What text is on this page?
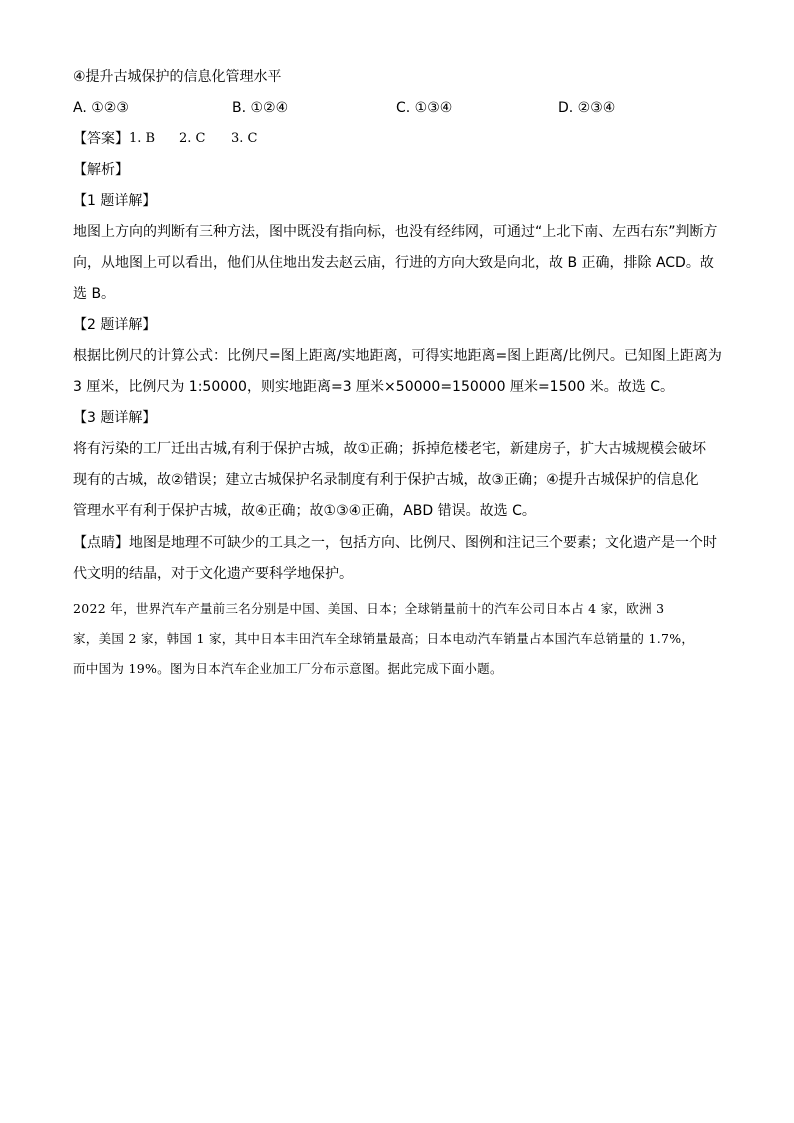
④提升古城保护的信息化管理水平
A. ①②③	B. ①②④	C. ①③④	D. ②③④
【答案】 1. B 2. C 3. C
【解析】
【1 题详解】
地图上方向的判断有三种方法，图中既没有指向标，也没有经纬网，可通过“上北下南、左西右东”判断方
向，从地图上可以看出，他们从住地出发去赵云庙，行进的方向大致是向北，故 B 正确，排除 ACD。故
选 B。
【2 题详解】
根据比例尺的计算公式：比例尺=图上距离/实地距离，可得实地距离=图上距离/比例尺。已知图上距离为
3 厘米，比例尺为 1:50000，则实地距离=3 厘米×50000=150000 厘米=1500 米。故选 C。
【3 题详解】
将有污染的工厂迁出古城,有利于保护古城，故①正确；拆掉危楼老宅，新建房子，扩大古城规模会破坏
现有的古城，故②错误；建立古城保护名录制度有利于保护古城，故③正确；④提升古城保护的信息化
管理水平有利于保护古城，故④正确；故①③④正确，ABD 错误。故选 C。
【点睛】地图是地理不可缺少的工具之一，包括方向、比例尺、图例和注记三个要素；文化遗产是一个时
代文明的结晶，对于文化遗产要科学地保护。
2022 年，世界汽车产量前三名分别是中国、美国、日本；全球销量前十的汽车公司日本占 4 家，欧洲 3
家，美国 2 家，韩国 1 家，其中日本丰田汽车全球销量最高；日本电动汽车销量占本国汽车总销量的 1.7%，
而中国为 19%。图为日本汽车企业加工厂分布示意图。据此完成下面小题。
